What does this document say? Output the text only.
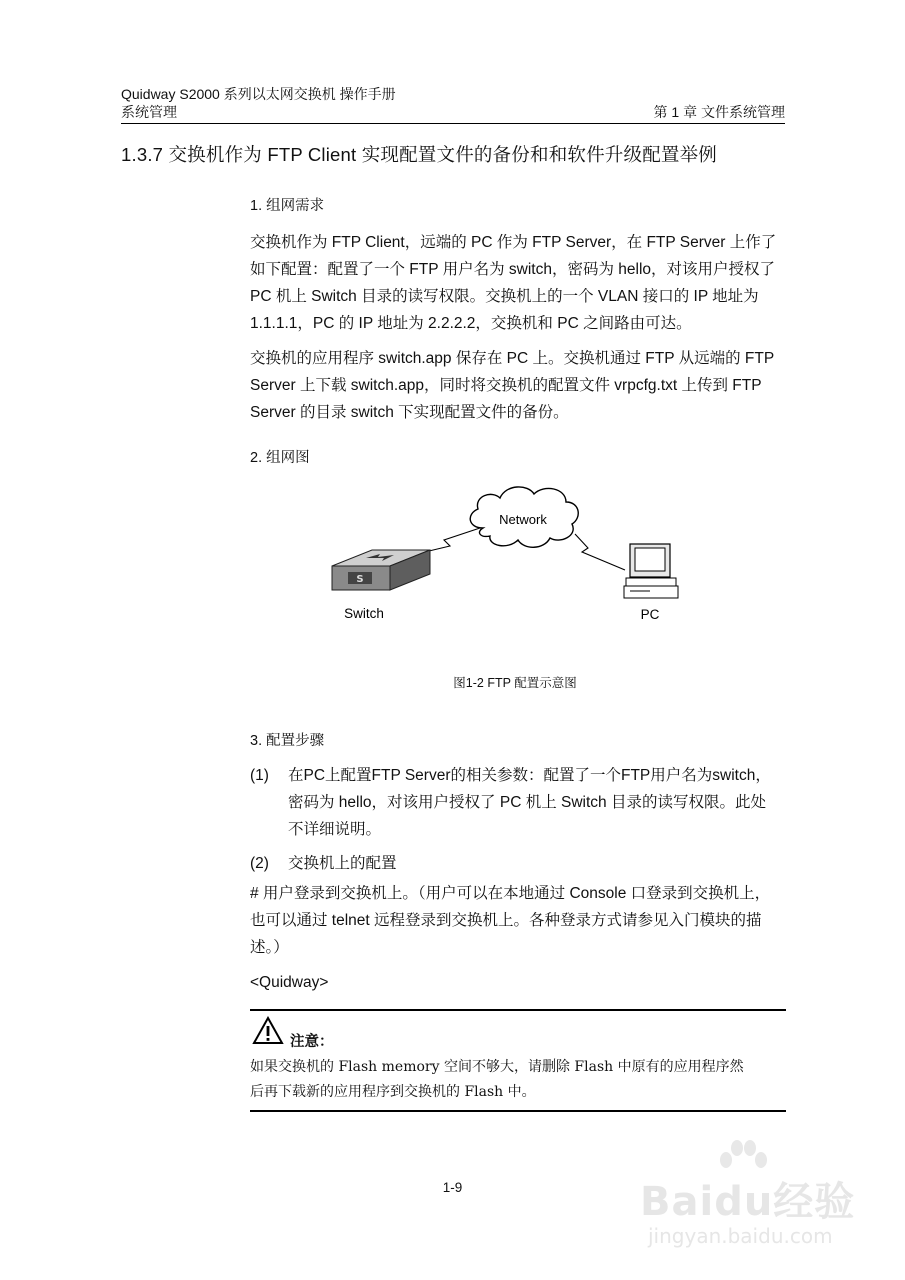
Quidway S2000 系列以太网交换机 操作手册
系统管理	第 1 章 文件系统管理
1.3.7 交换机作为 FTP Client 实现配置文件的备份和和软件升级配置举例
1. 组网需求
交换机作为 FTP Client，远端的 PC 作为 FTP Server，在 FTP Server 上作了
如下配置：配置了一个 FTP 用户名为 switch，密码为 hello，对该用户授权了
PC 机上 Switch 目录的读写权限。交换机上的一个 VLAN 接口的 IP 地址为
1.1.1.1，PC 的 IP 地址为 2.2.2.2，交换机和 PC 之间路由可达。
交换机的应用程序 switch.app 保存在 PC 上。交换机通过 FTP 从远端的 FTP
Server 上下载 switch.app，同时将交换机的配置文件 vrpcfg.txt 上传到 FTP
Server 的目录 switch 下实现配置文件的备份。
2. 组网图
Network
S
Switch	PC
图1-2 FTP 配置示意图
3. 配置步骤
(1) 在PC上配置FTP Server的相关参数：配置了一个FTP用户名为switch，
密码为 hello，对该用户授权了 PC 机上 Switch 目录的读写权限。此处
不详细说明。
(2) 交换机上的配置
# 用户登录到交换机上。（用户可以在本地通过 Console 口登录到交换机上，
也可以通过 telnet 远程登录到交换机上。各种登录方式请参见入门模块的描
述。）
<Quidway>
注意：
如果交换机的 Flash memory 空间不够大，请删除 Flash 中原有的应用程序然
后再下载新的应用程序到交换机的 Flash 中。
1-9	Baidu经验
jingyan.baidu.com
